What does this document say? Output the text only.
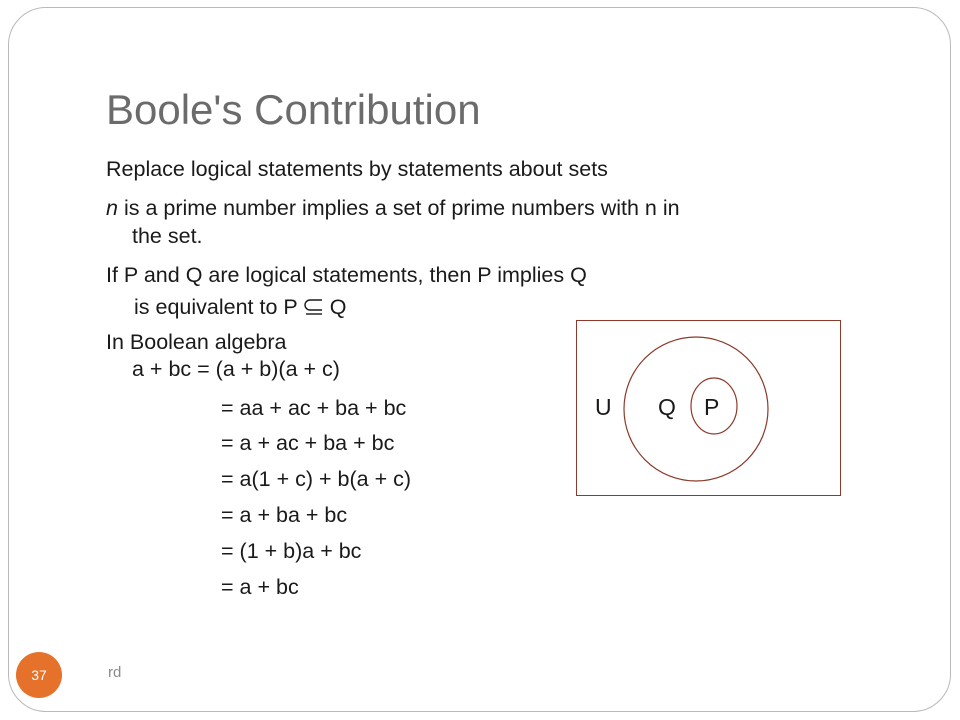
Boole's Contribution
Replace logical statements by statements about sets
n is a prime number implies a set of prime numbers with n in
the set.
If P and Q are logical statements, then P implies Q
is equivalent to P Q
In Boolean algebra
a + bc = (a + b)(a + c)
= aa + ac + ba + bc
= a + ac + ba + bc
= a(1 + c) + b(a + c)
= a + ba + bc
= (1 + b)a + bc
= a + bc
U Q P
37	rd
